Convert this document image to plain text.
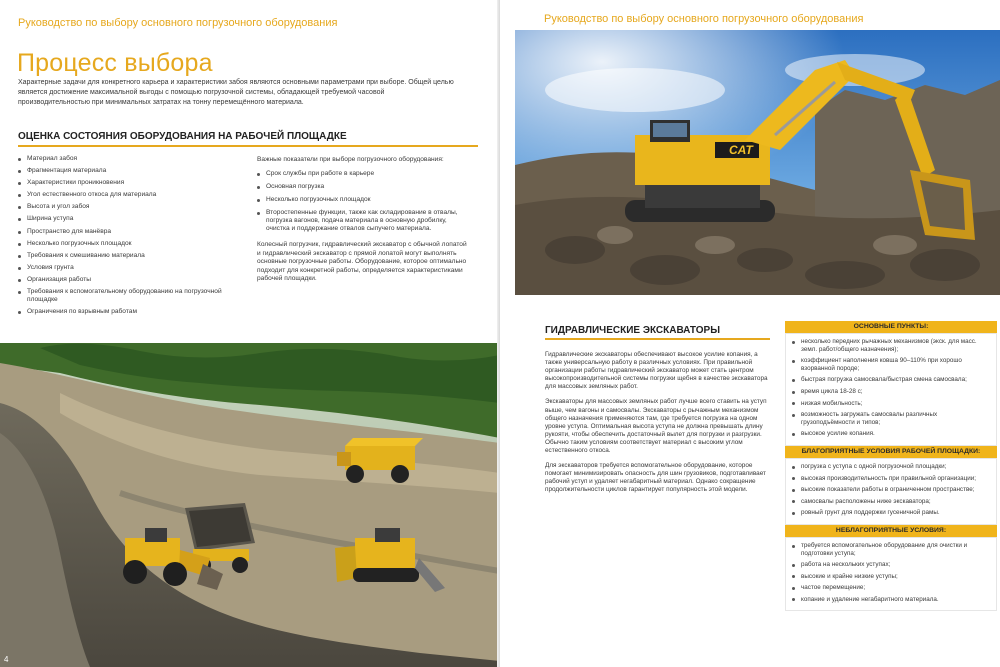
Руководство по выбору основного погрузочного оборудования
Процесс выбора

Характерные задачи для конкретного карьера и характеристики забоя являются основными параметрами при выборе. Общей целью является достижение максимальной выгоды с помощью погрузочной системы, обладающей требуемой часовой производительностью при минимальных затратах на тонну перемещённого материала.

ОЦЕНКА СОСТОЯНИЯ ОБОРУДОВАНИЯ НА РАБОЧЕЙ ПЛОЩАДКЕ
Материал забоя
Фрагментация материала
Характеристики проникновения
Угол естественного откоса для материала
Высота и угол забоя
Ширина уступа
Пространство для манёвра
Несколько погрузочных площадок
Требования к смешиванию материала
Условия грунта
Организация работы
Требования к вспомогательному оборудованию на погрузочной площадке
Ограничения по взрывным работам

Важные показатели при выборе погрузочного оборудования:

Срок службы при работе в карьере
Основная погрузка
Несколько погрузочных площадок
Второстепенные функции, также как складирование в отвалы, погрузка вагонов, подача материала в основную дробилку, очистка и поддержание отвалов сыпучего материала.

Колесный погрузчик, гидравлический экскаватор с обычной лопатой и гидравлический экскаватор с прямой лопатой могут выполнять основные погрузочные работы. Оборудование, которое оптимально подходит для конкретной работы, определяется характеристиками рабочей площадки.

4
Руководство по выбору основного погрузочного оборудования
CAT
ГИДРАВЛИЧЕСКИЕ ЭКСКАВАТОРЫ

Гидравлические экскаваторы обеспечивают высокое усилие копания, а также универсальную работу в различных условиях. При правильной организации работы гидравлический экскаватор может стать центром высокопроизводительной системы погрузки щебня в качестве экскаватора для массовых земляных работ.

Экскаваторы для массовых земляных работ лучше всего ставить на уступ выше, чем вагоны и самосвалы. Экскаваторы с рычажным механизмом общего назначения применяются там, где требуется погрузка на одном уровне уступа. Оптимальная высота уступа не должна превышать длину рукояти, чтобы обеспечить достаточный вылет для погрузки и разгрузки. Обычно таким условиям соответствует материал с высоким углом естественного откоса.

Для экскаваторов требуется вспомогательное оборудование, которое помогает минимизировать опасность для шин грузовиков, подготавливает рабочий уступ и удаляет негабаритный материал. Однако сокращение продолжительности циклов гарантирует популярность этой модели.

ОСНОВНЫЕ ПУНКТЫ:
несколько передних рычажных механизмов (экск. для масс. земл. работ/общего назначения);
коэффициент наполнения ковша 90–110% при хорошо взорванной породе;
быстрая погрузка самосвала/быстрая смена самосвала;
время цикла 18-28 с;
низкая мобильность;
возможность загружать самосвалы различных грузоподъёмности и типов;
высокое усилие копания.
БЛАГОПРИЯТНЫЕ УСЛОВИЯ РАБОЧЕЙ ПЛОЩАДКИ:
погрузка с уступа с одной погрузочной площадки;
высокая производительность при правильной организации;
высокие показатели работы в ограниченном пространстве;
самосвалы расположены ниже экскаватора;
ровный грунт для поддержки гусеничной рамы.
НЕБЛАГОПРИЯТНЫЕ УСЛОВИЯ:
требуется вспомогательное оборудование для очистки и подготовки уступа;
работа на нескольких уступах;
высокие и крайне низкие уступы;
частое перемещение;
копание и удаление негабаритного материала.
